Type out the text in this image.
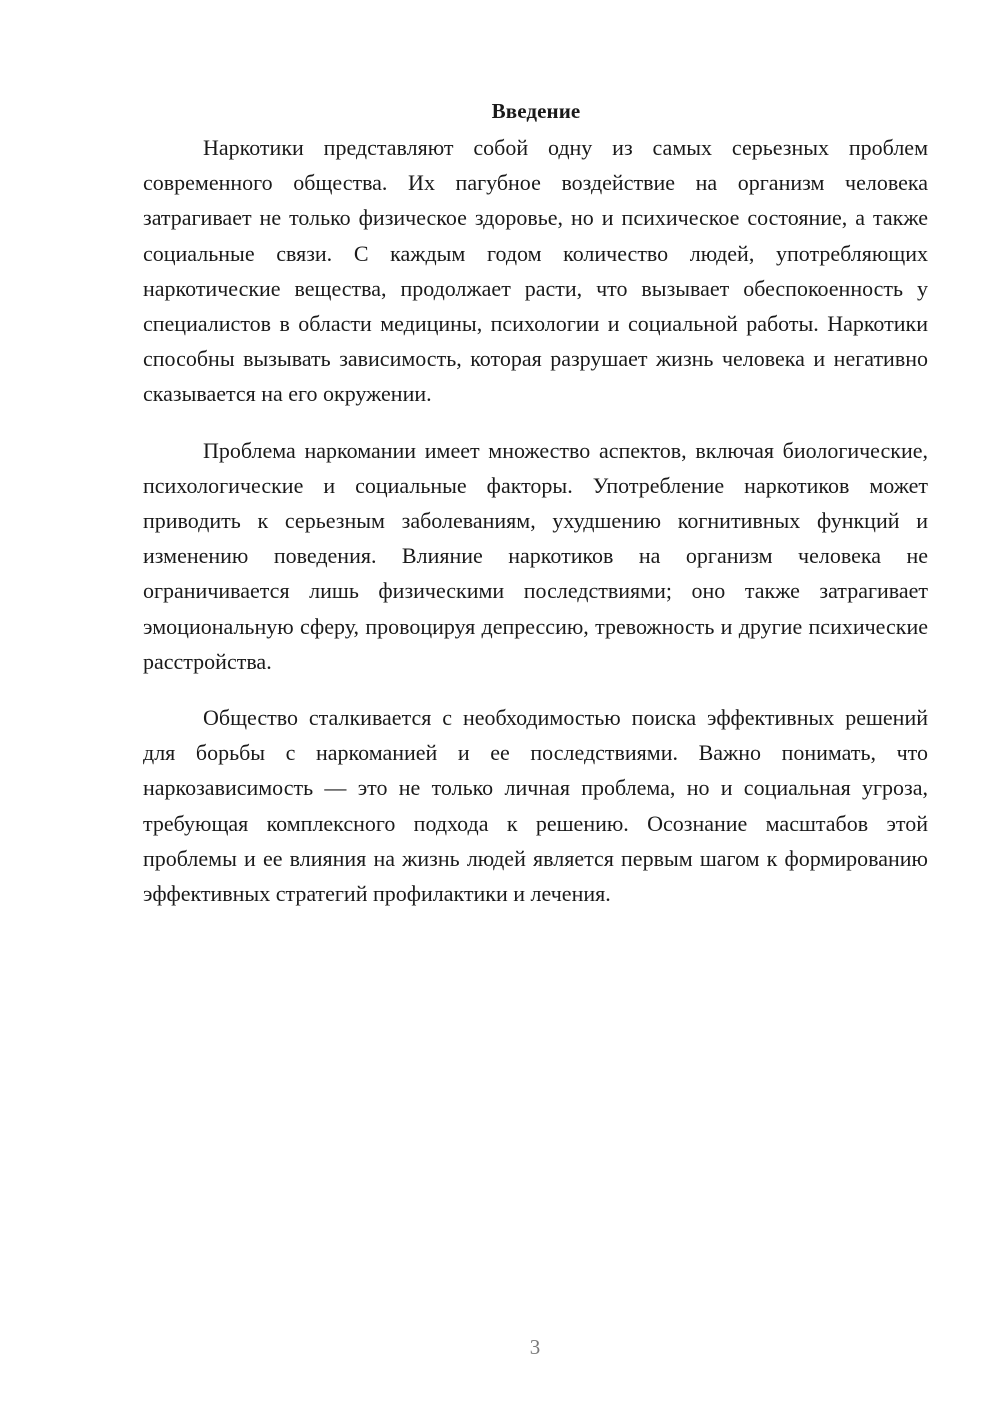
Введение

Наркотики представляют собой одну из самых серьезных проблем современного общества. Их пагубное воздействие на организм человека затрагивает не только физическое здоровье, но и психическое состояние, а также социальные связи. С каждым годом количество людей, употребляющих наркотические вещества, продолжает расти, что вызывает обеспокоенность у специалистов в области медицины, психологии и социальной работы. Наркотики способны вызывать зависимость, которая разрушает жизнь человека и негативно сказывается на его окружении.

Проблема наркомании имеет множество аспектов, включая биологические, психологические и социальные факторы. Употребление наркотиков может приводить к серьезным заболеваниям, ухудшению когнитивных функций и изменению поведения. Влияние наркотиков на организм человека не ограничивается лишь физическими последствиями; оно также затрагивает эмоциональную сферу, провоцируя депрессию, тревожность и другие психические расстройства.

Общество сталкивается с необходимостью поиска эффективных решений для борьбы с наркоманией и ее последствиями. Важно понимать, что наркозависимость — это не только личная проблема, но и социальная угроза, требующая комплексного подхода к решению. Осознание масштабов этой проблемы и ее влияния на жизнь людей является первым шагом к формированию эффективных стратегий профилактики и лечения.

3
